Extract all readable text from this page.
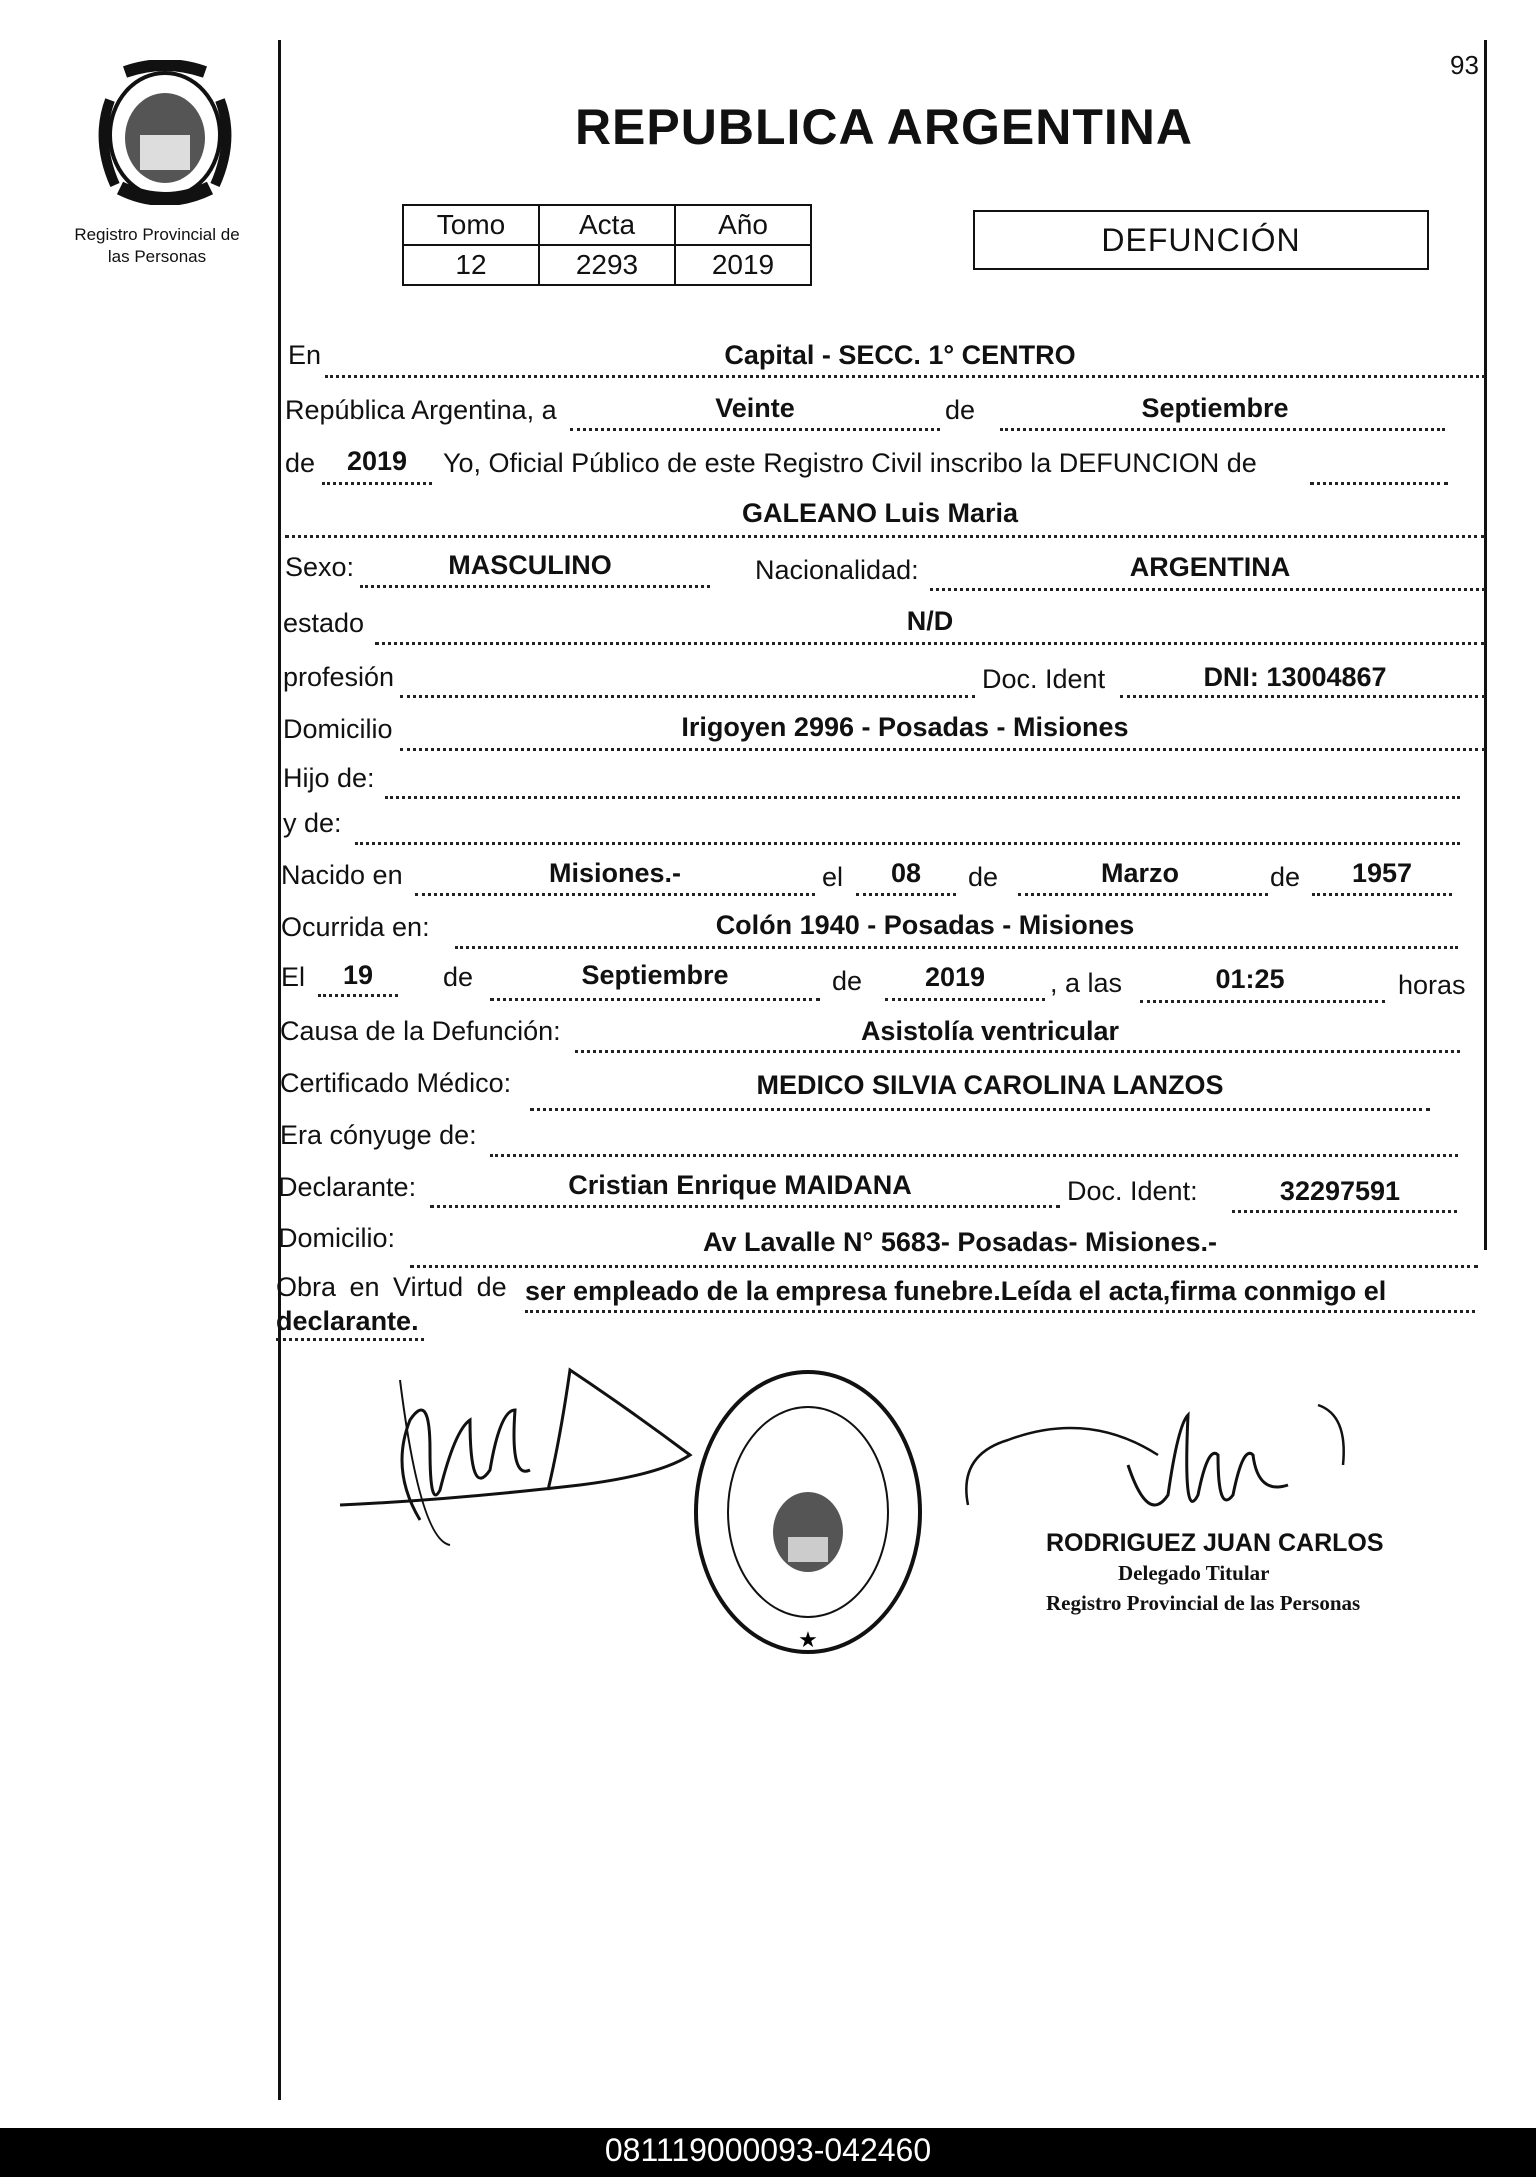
93
Registro Provincial de
las Personas
REPUBLICA ARGENTINA
Tomo	Acta	Año
12	2293	2019
DEFUNCIÓN
En	Capital - SECC. 1° CENTRO
República Argentina, a	Veinte	de	Septiembre
de	2019	Yo, Oficial Público de este Registro Civil inscribo la DEFUNCION de
GALEANO Luis Maria
Sexo:	MASCULINO	Nacionalidad:	ARGENTINA
estado	N/D
profesión	Doc. Ident	DNI: 13004867
Domicilio	Irigoyen 2996 - Posadas - Misiones
Hijo de:
y de:
Nacido en	Misiones.-	el	08	de	Marzo	de	1957
Ocurrida en:	Colón 1940 - Posadas - Misiones
El	19	de	Septiembre	de	2019	, a las	01:25	horas
Causa de la Defunción:	Asistolía ventricular
Certificado Médico:	MEDICO SILVIA CAROLINA LANZOS
Era cónyuge de:
Declarante:	Cristian Enrique MAIDANA	Doc. Ident:	32297591
Domicilio:	Av Lavalle N° 5683- Posadas- Misiones.-
Obra en Virtud de ser empleado de la empresa funebre.Leída el acta,firma conmigo el
declarante.
★
RODRIGUEZ JUAN CARLOS
Delegado Titular
Registro Provincial de las Personas
081119000093-042460
